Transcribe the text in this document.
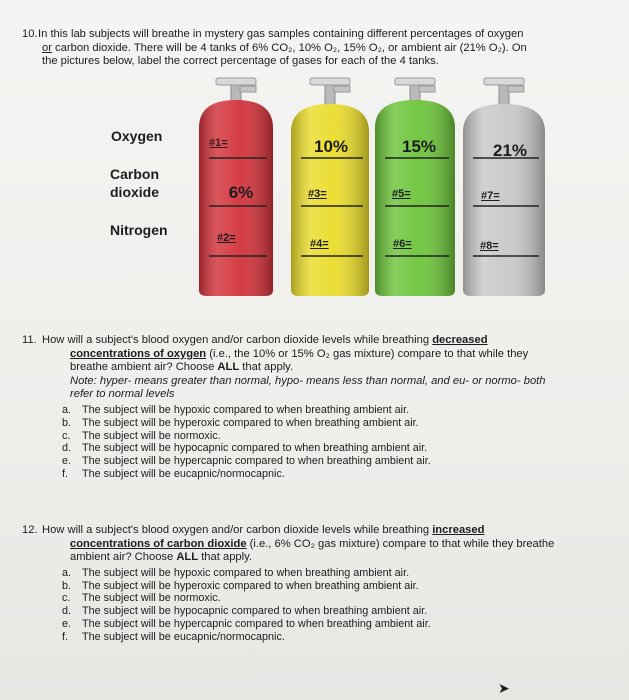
10.In this lab subjects will breathe in mystery gas samples containing different percentages of oxygen

or carbon dioxide. There will be 4 tanks of 6% CO₂, 10% O₂, 15% O₂, or ambient air (21% O₂). On

the pictures below, label the correct percentage of gases for each of the 4 tanks.

Oxygen
Carbon
dioxide
Nitrogen
#1=
6%
#2=
10%
#3=
#4=
15%
#5=
#6=
21%
#7=
#8=

11. How will a subject's blood oxygen and/or carbon dioxide levels while breathing decreased

concentrations of oxygen (i.e., the 10% or 15% O₂ gas mixture) compare to that while they

breathe ambient air? Choose ALL that apply.

Note: hyper- means greater than normal, hypo- means less than normal, and eu- or normo- both

refer to normal levels

a.	The subject will be hypoxic compared to when breathing ambient air.
b.	The subject will be hyperoxic compared to when breathing ambient air.
c.	The subject will be normoxic.
d.	The subject will be hypocapnic compared to when breathing ambient air.
e.	The subject will be hypercapnic compared to when breathing ambient air.
f.	The subject will be eucapnic/normocapnic.

12. How will a subject's blood oxygen and/or carbon dioxide levels while breathing increased

concentrations of carbon dioxide (i.e., 6% CO₂ gas mixture) compare to that while they breathe

ambient air? Choose ALL that apply.

a.	The subject will be hypoxic compared to when breathing ambient air.
b.	The subject will be hyperoxic compared to when breathing ambient air.
c.	The subject will be normoxic.
d.	The subject will be hypocapnic compared to when breathing ambient air.
e.	The subject will be hypercapnic compared to when breathing ambient air.
f.	The subject will be eucapnic/normocapnic.
➤
